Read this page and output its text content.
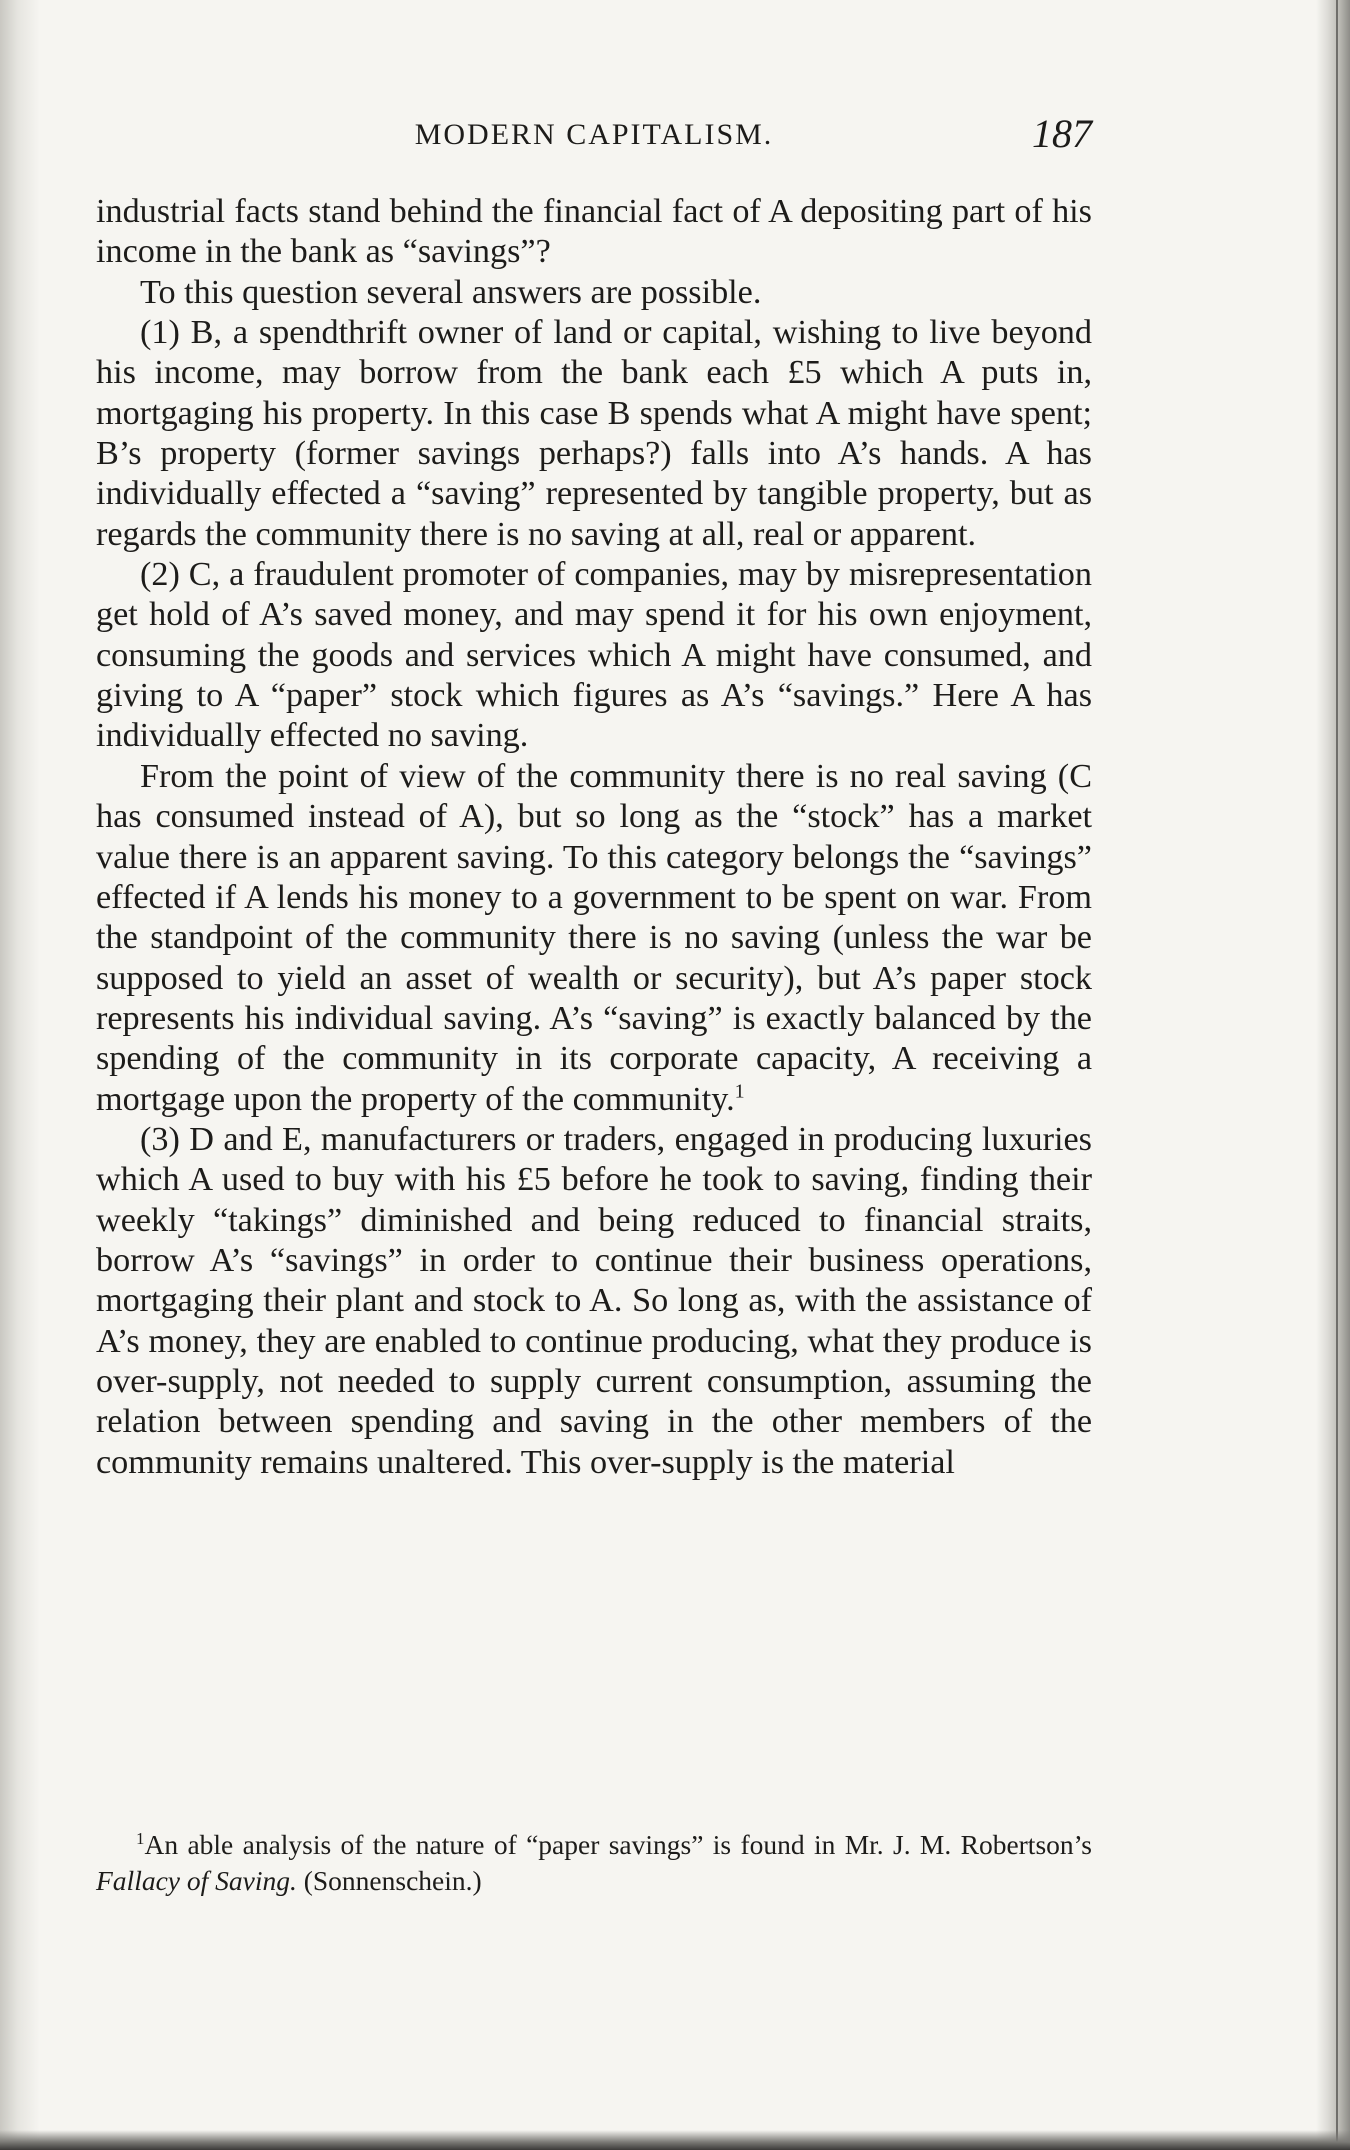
MODERN CAPITALISM.	187

industrial facts stand behind the financial fact of A depositing part of his income in the bank as “savings”?

To this question several answers are possible.

(1) B, a spendthrift owner of land or capital, wishing to live beyond his income, may borrow from the bank each £5 which A puts in, mortgaging his property. In this case B spends what A might have spent; B’s property (former savings perhaps?) falls into A’s hands. A has individually effected a “saving” represented by tangible property, but as regards the community there is no saving at all, real or apparent.

(2) C, a fraudulent promoter of companies, may by misrepresentation get hold of A’s saved money, and may spend it for his own enjoyment, consuming the goods and services which A might have consumed, and giving to A “paper” stock which figures as A’s “savings.” Here A has individually effected no saving.

From the point of view of the community there is no real saving (C has consumed instead of A), but so long as the “stock” has a market value there is an apparent saving. To this category belongs the “savings” effected if A lends his money to a government to be spent on war. From the standpoint of the community there is no saving (unless the war be supposed to yield an asset of wealth or security), but A’s paper stock represents his individual saving. A’s “saving” is exactly balanced by the spending of the community in its corporate capacity, A receiving a mortgage upon the property of the community.$^1$

(3) D and E, manufacturers or traders, engaged in producing luxuries which A used to buy with his £5 before he took to saving, finding their weekly “takings” diminished and being reduced to financial straits, borrow A’s “savings” in order to continue their business operations, mortgaging their plant and stock to A. So long as, with the assistance of A’s money, they are enabled to continue producing, what they produce is over-supply, not needed to supply current consumption, assuming the relation between spending and saving in the other members of the community remains unaltered. This over-supply is the material

$^1$An able analysis of the nature of “paper savings” is found in Mr. J. M. Robertson’s Fallacy of Saving. (Sonnenschein.)
